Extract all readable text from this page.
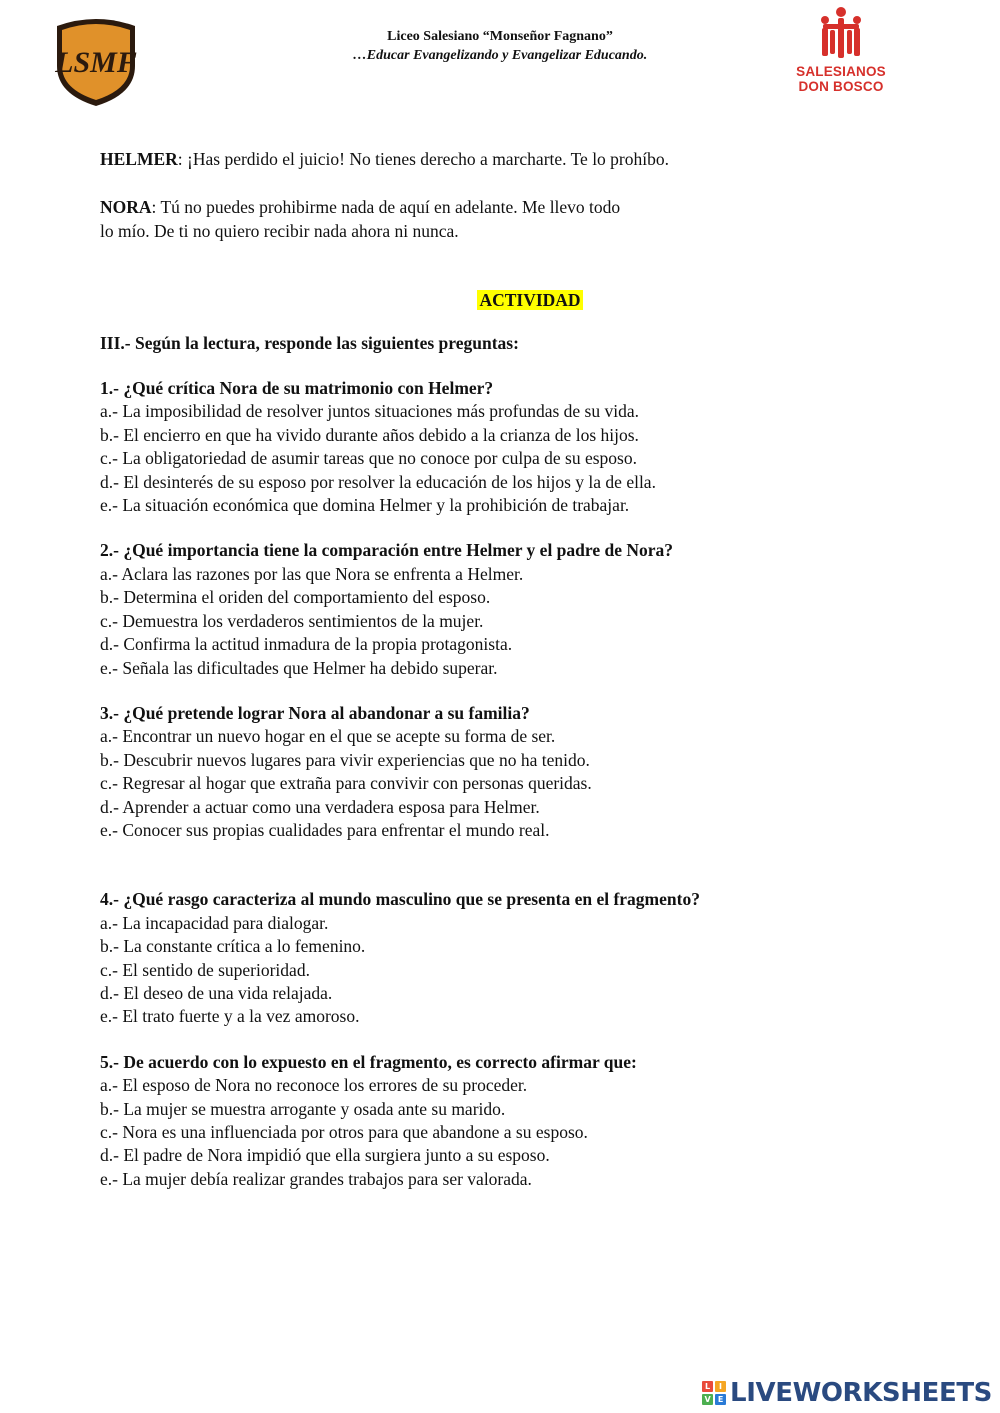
LSMF
Liceo Salesiano “Monseñor Fagnano”
…Educar Evangelizando y Evangelizar Educando.
SALESIANOS
DON BOSCO

HELMER: ¡Has perdido el juicio! No tienes derecho a marcharte. Te lo prohíbo.

NORA: Tú no puedes prohibirme nada de aquí en adelante. Me llevo todo
lo mío. De ti no quiero recibir nada ahora ni nunca.

ACTIVIDAD

III.- Según la lectura, responde las siguientes preguntas:

1.- ¿Qué crítica Nora de su matrimonio con Helmer?

a.- La imposibilidad de resolver juntos situaciones más profundas de su vida.

b.- El encierro en que ha vivido durante años debido a la crianza de los hijos.

c.- La obligatoriedad de asumir tareas que no conoce por culpa de su esposo.

d.- El desinterés de su esposo por resolver la educación de los hijos y la de ella.

e.- La situación económica que domina Helmer y la prohibición de trabajar.

2.- ¿Qué importancia tiene la comparación entre Helmer y el padre de Nora?

a.- Aclara las razones por las que Nora se enfrenta a Helmer.

b.- Determina el oriden del comportamiento del esposo.

c.- Demuestra los verdaderos sentimientos de la mujer.

d.- Confirma la actitud inmadura de la propia protagonista.

e.- Señala las dificultades que Helmer ha debido superar.

3.- ¿Qué pretende lograr Nora al abandonar a su familia?

a.- Encontrar un nuevo hogar en el que se acepte su forma de ser.

b.- Descubrir nuevos lugares para vivir experiencias que no ha tenido.

c.- Regresar al hogar que extraña para convivir con personas queridas.

d.- Aprender a actuar como una verdadera esposa para Helmer.

e.- Conocer sus propias cualidades para enfrentar el mundo real.

4.- ¿Qué rasgo caracteriza al mundo masculino que se presenta en el fragmento?

a.- La incapacidad para dialogar.

b.- La constante crítica a lo femenino.

c.- El sentido de superioridad.

d.- El deseo de una vida relajada.

e.- El trato fuerte y a la vez amoroso.

5.- De acuerdo con lo expuesto en el fragmento, es correcto afirmar que:

a.- El esposo de Nora no reconoce los errores de su proceder.

b.- La mujer se muestra arrogante y osada ante su marido.

c.- Nora es una influenciada por otros para que abandone a su esposo.

d.- El padre de Nora impidió que ella surgiera junto a su esposo.

e.- La mujer debía realizar grandes trabajos para ser valorada.

L	I
V E LIVEWORKSHEETS
